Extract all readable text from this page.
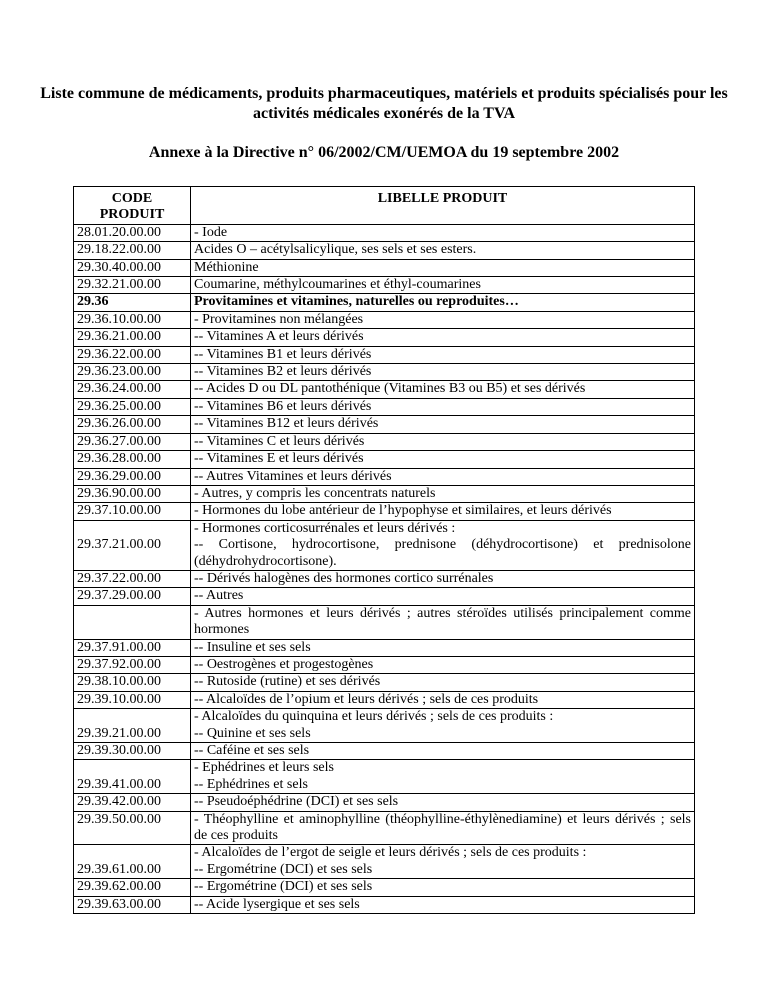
Liste commune de médicaments, produits pharmaceutiques, matériels et produits spécialisés pour les activités médicales exonérés de la TVA
Annexe à la Directive n° 06/2002/CM/UEMOA du 19 septembre 2002
CODE
PRODUIT	LIBELLE PRODUIT

28.01.20.00.00	- Iode

29.18.22.00.00	Acides O – acétylsalicylique, ses sels et ses esters.

29.30.40.00.00	Méthionine

29.32.21.00.00	Coumarine, méthylcoumarines et éthyl-coumarines

29.36	Provitamines et vitamines, naturelles ou reproduites…

29.36.10.00.00	- Provitamines non mélangées

29.36.21.00.00	-- Vitamines A et leurs dérivés

29.36.22.00.00	-- Vitamines B1 et leurs dérivés

29.36.23.00.00	-- Vitamines B2 et leurs dérivés

29.36.24.00.00	-- Acides D ou DL pantothénique (Vitamines B3 ou B5) et ses dérivés

29.36.25.00.00	-- Vitamines B6 et leurs dérivés

29.36.26.00.00	-- Vitamines B12 et leurs dérivés

29.36.27.00.00	-- Vitamines C et leurs dérivés

29.36.28.00.00	-- Vitamines E et leurs dérivés

29.36.29.00.00	-- Autres Vitamines et leurs dérivés

29.36.90.00.00	- Autres, y compris les concentrats naturels

29.37.10.00.00	- Hormones du lobe antérieur de l’hypophyse et similaires, et leurs dérivés

29.37.21.00.00	- Hormones corticosurrénales et leurs dérivés :
-- Cortisone, hydrocortisone, prednisone (déhydrocortisone) et prednisolone (déhydrohydrocortisone).

29.37.22.00.00	-- Dérivés halogènes des hormones cortico surrénales

29.37.29.00.00	-- Autres

	- Autres hormones et leurs dérivés ; autres stéroïdes utilisés principalement comme hormones

29.37.91.00.00	-- Insuline et ses sels

29.37.92.00.00	-- Oestrogènes et progestogènes

29.38.10.00.00	-- Rutoside (rutine) et ses dérivés

29.39.10.00.00	-- Alcaloïdes de l’opium et leurs dérivés ; sels de ces produits

29.39.21.00.00	- Alcaloïdes du quinquina et leurs dérivés ; sels de ces produits :
-- Quinine et ses sels

29.39.30.00.00	-- Caféine et ses sels

29.39.41.00.00	- Ephédrines et leurs sels
-- Ephédrines et sels

29.39.42.00.00	-- Pseudoéphédrine (DCI) et ses sels

29.39.50.00.00	- Théophylline et aminophylline (théophylline-éthylènediamine) et leurs dérivés ; sels de ces produits

29.39.61.00.00	- Alcaloïdes de l’ergot de seigle et leurs dérivés ; sels de ces produits :
-- Ergométrine (DCI) et ses sels

29.39.62.00.00	-- Ergométrine (DCI) et ses sels

29.39.63.00.00	-- Acide lysergique et ses sels
